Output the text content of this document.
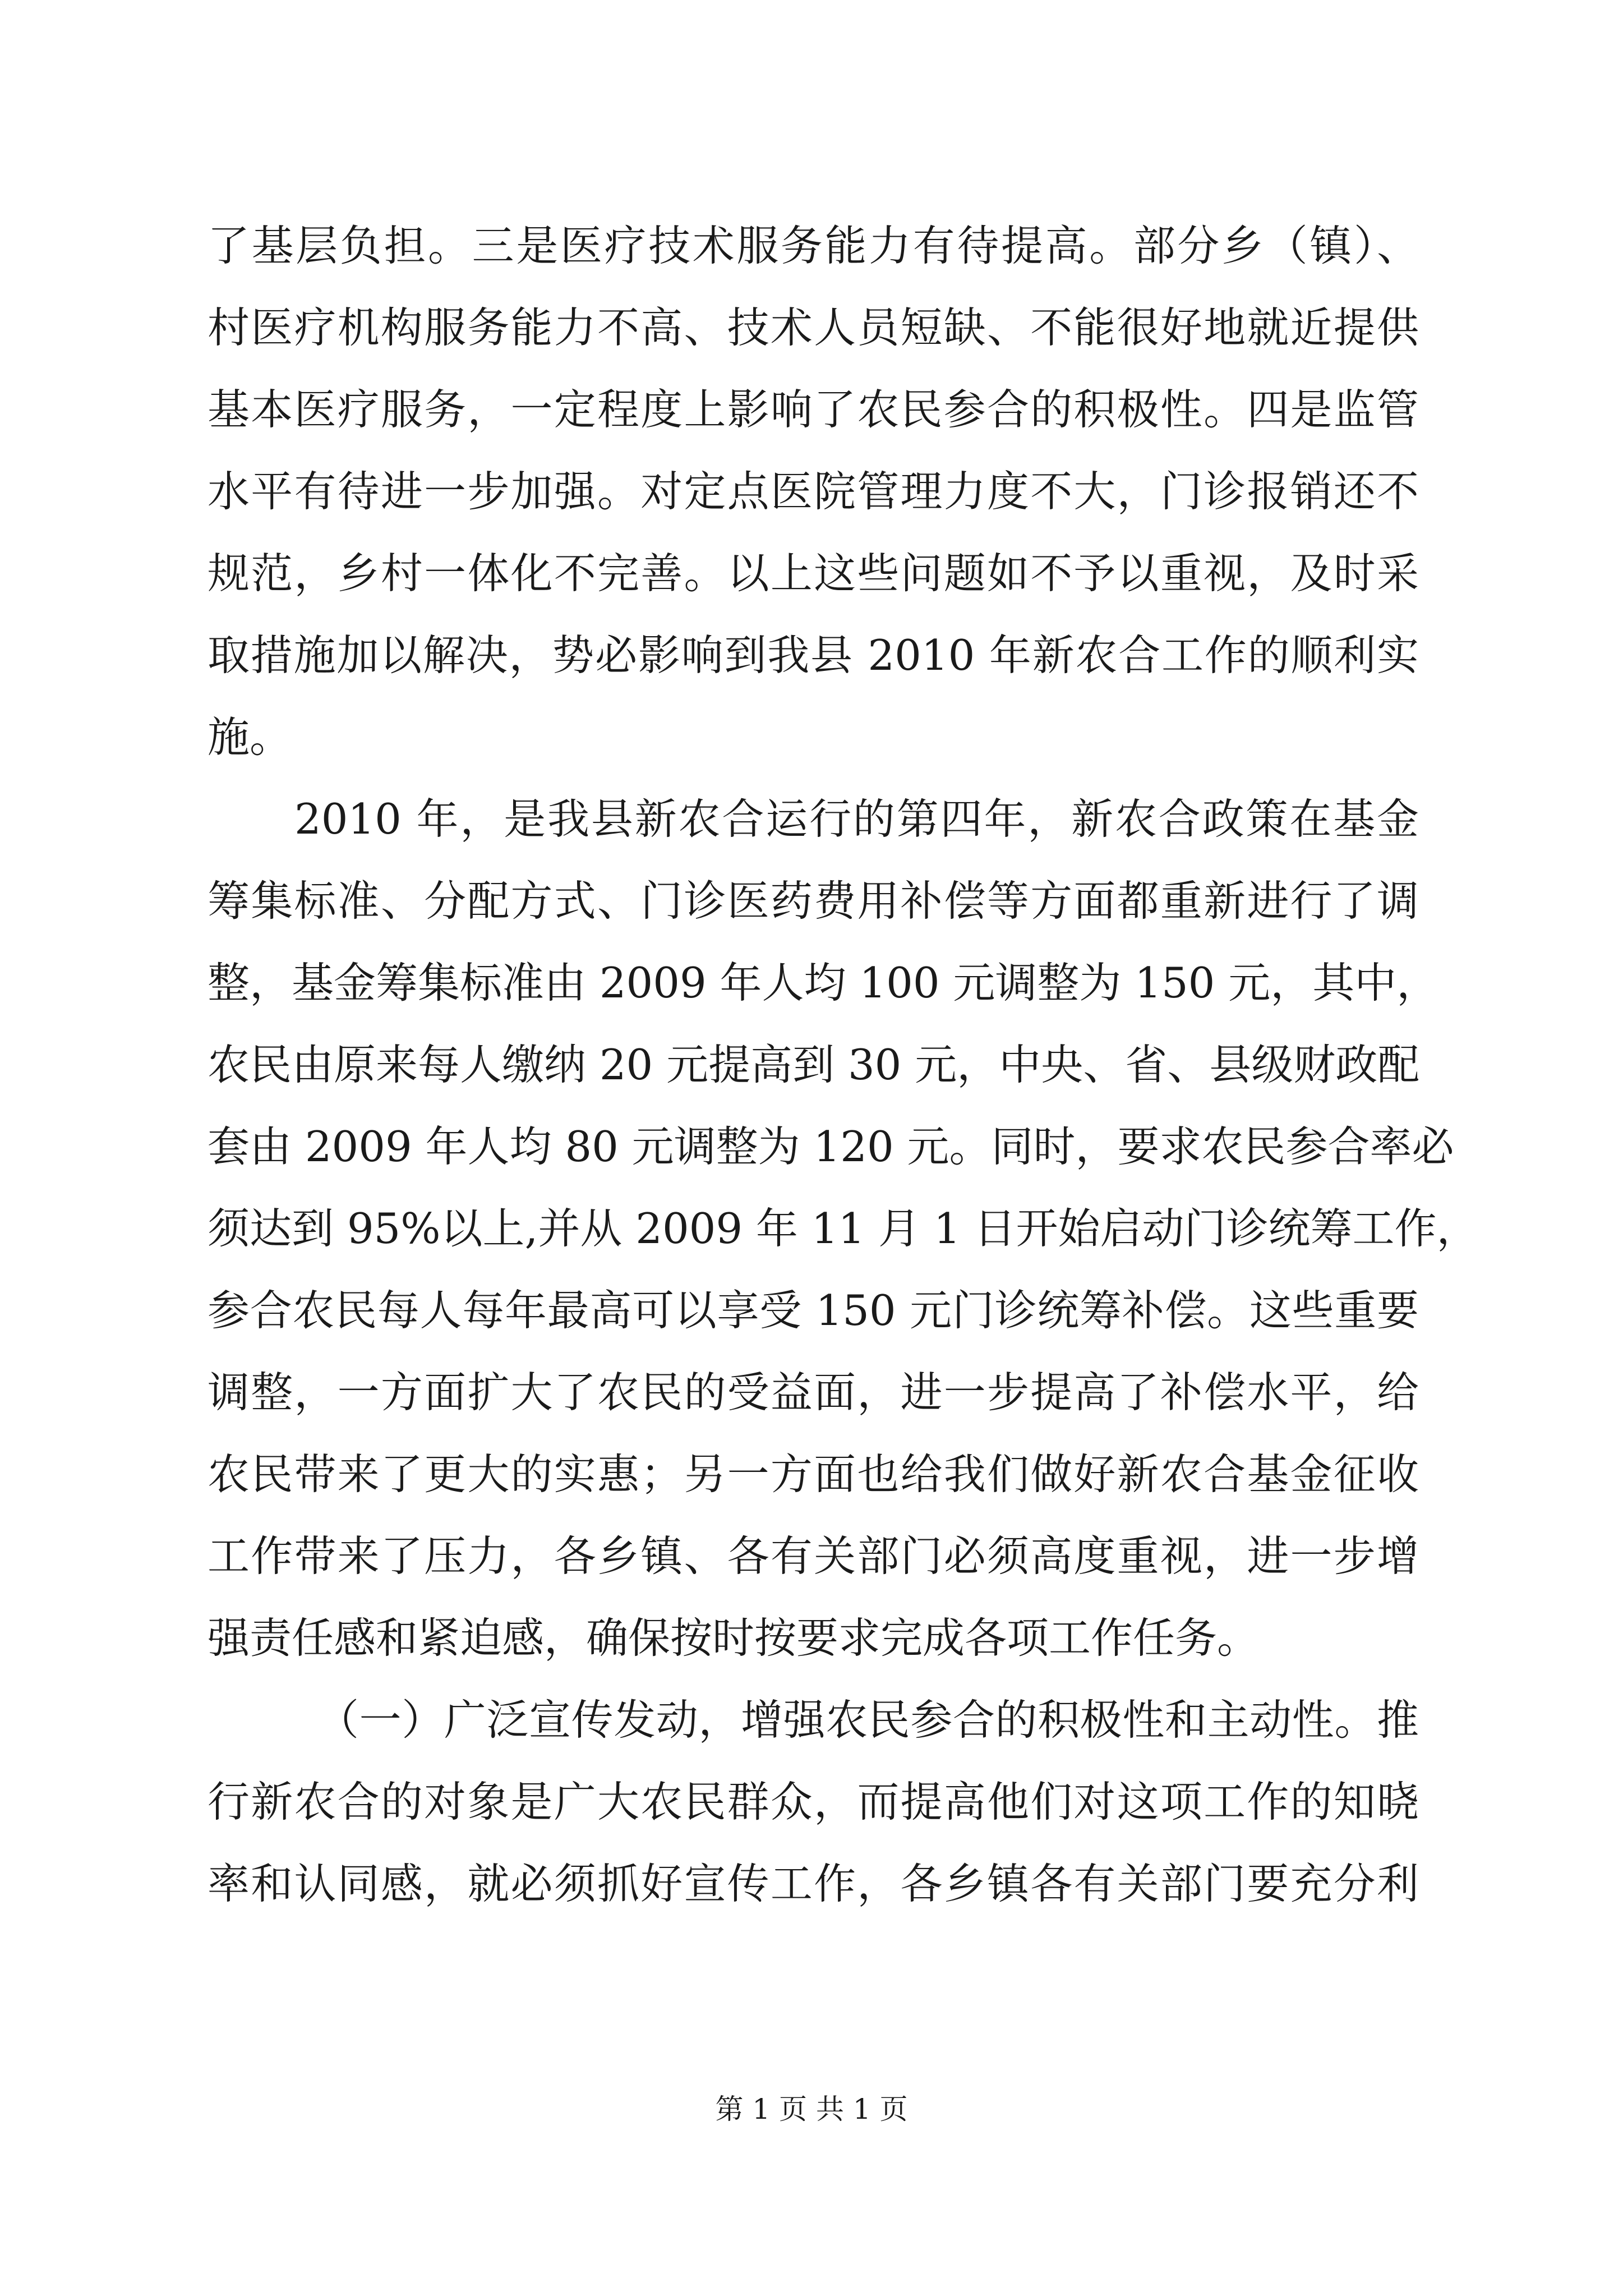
了基层负担。三是医疗技术服务能力有待提高。部分乡（镇）、
村医疗机构服务能力不高、技术人员短缺、不能很好地就近提供
基本医疗服务，一定程度上影响了农民参合的积极性。四是监管
水平有待进一步加强。对定点医院管理力度不大，门诊报销还不
规范，乡村一体化不完善。以上这些问题如不予以重视，及时采
取措施加以解决，势必影响到我县 2010 年新农合工作的顺利实
施。
2010 年，是我县新农合运行的第四年，新农合政策在基金
筹集标准、分配方式、门诊医药费用补偿等方面都重新进行了调
整，基金筹集标准由 2009 年人均 100 元调整为 150 元，其中，
农民由原来每人缴纳 20 元提高到 30 元，中央、省、县级财政配
套由 2009 年人均 80 元调整为 120 元。同时，要求农民参合率必
须达到 95%以上,并从 2009 年 11 月 1 日开始启动门诊统筹工作，
参合农民每人每年最高可以享受 150 元门诊统筹补偿。这些重要
调整，一方面扩大了农民的受益面，进一步提高了补偿水平，给
农民带来了更大的实惠；另一方面也给我们做好新农合基金征收
工作带来了压力，各乡镇、各有关部门必须高度重视，进一步增
强责任感和紧迫感，确保按时按要求完成各项工作任务。
（一）广泛宣传发动，增强农民参合的积极性和主动性。推
行新农合的对象是广大农民群众，而提高他们对这项工作的知晓
率和认同感，就必须抓好宣传工作，各乡镇各有关部门要充分利
第 1 页 共 1 页
